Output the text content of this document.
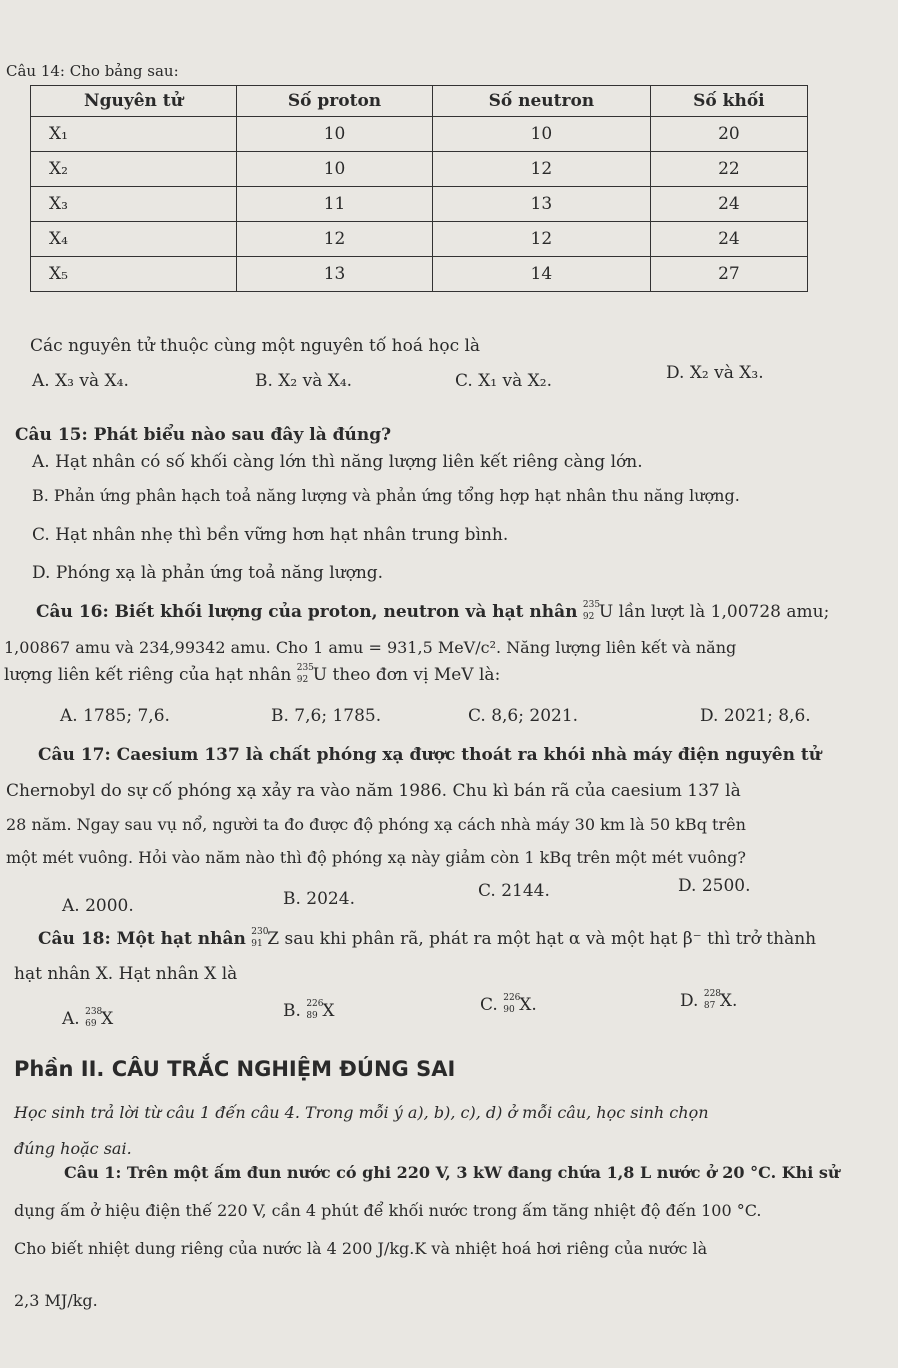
Câu 14: Cho bảng sau:
Nguyên tử	Số proton	Số neutron	Số khối
X₁	10	10	20
X₂	10	12	22
X₃	11	13	24
X₄	12	12	24
X₅	13	14	27
Các nguyên tử thuộc cùng một nguyên tố hoá học là
A. X₃ và X₄.	B. X₂ và X₄.	C. X₁ và X₂.	D. X₂ và X₃.
Câu 15: Phát biểu nào sau đây là đúng?
A. Hạt nhân có số khối càng lớn thì năng lượng liên kết riêng càng lớn.
B. Phản ứng phân hạch toả năng lượng và phản ứng tổng hợp hạt nhân thu năng lượng.
C. Hạt nhân nhẹ thì bền vững hơn hạt nhân trung bình.
D. Phóng xạ là phản ứng toả năng lượng.
Câu 16: Biết khối lượng của proton, neutron và hạt nhân 235
92 U lần lượt là 1,00728 amu;
1,00867 amu và 234,99342 amu. Cho 1 amu = 931,5 MeV/c². Năng lượng liên kết và năng
lượng liên kết riêng của hạt nhân 235
92 U theo đơn vị MeV là:
A. 1785; 7,6.	B. 7,6; 1785.	C. 8,6; 2021.	D. 2021; 8,6.
Câu 17: Caesium 137 là chất phóng xạ được thoát ra khói nhà máy điện nguyên tử
Chernobyl do sự cố phóng xạ xảy ra vào năm 1986. Chu kì bán rã của caesium 137 là
28 năm. Ngay sau vụ nổ, người ta đo được độ phóng xạ cách nhà máy 30 km là 50 kBq trên
một mét vuông. Hỏi vào năm nào thì độ phóng xạ này giảm còn 1 kBq trên một mét vuông?
A. 2000.	B. 2024.	C. 2144.	D. 2500.
Câu 18: Một hạt nhân 230
91 Z sau khi phân rã, phát ra một hạt α và một hạt β⁻ thì trở thành
hạt nhân X. Hạt nhân X là
A. 238
69 X	B. 226
89 X	C. 226
90 X.	D. 228
87 X.
Phần II. CÂU TRẮC NGHIỆM ĐÚNG SAI
Học sinh trả lời từ câu 1 đến câu 4. Trong mỗi ý a), b), c), d) ở mỗi câu, học sinh chọn
đúng hoặc sai.
Câu 1: Trên một ấm đun nước có ghi 220 V, 3 kW đang chứa 1,8 L nước ở 20 °C. Khi sử
dụng ấm ở hiệu điện thế 220 V, cần 4 phút để khối nước trong ấm tăng nhiệt độ đến 100 °C.
Cho biết nhiệt dung riêng của nước là 4 200 J/kg.K và nhiệt hoá hơi riêng của nước là
2,3 MJ/kg.
